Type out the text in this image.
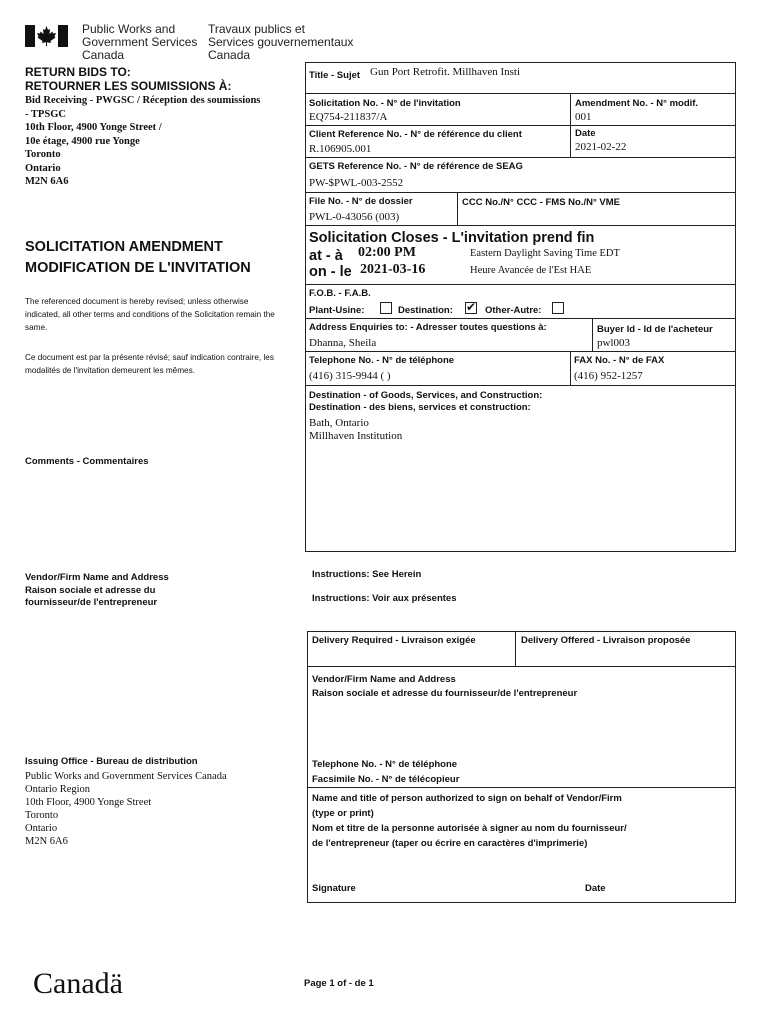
Public Works and
Government Services
Canada
Travaux publics et
Services gouvernementaux
Canada
RETURN BIDS TO:
RETOURNER LES SOUMISSIONS À:
Bid Receiving - PWGSC / Réception des soumissions
- TPSGC
10th Floor, 4900 Yonge Street /
10e étage, 4900 rue Yonge
Toronto
Ontario
M2N 6A6
SOLICITATION AMENDMENT
MODIFICATION DE L'INVITATION
The referenced document is hereby revised; unless otherwise indicated, all other terms and conditions of the Solicitation remain the same.
Ce document est par la présente révisé; sauf indication contraire, les modalités de l'invitation demeurent les mêmes.
Comments - Commentaires
Vendor/Firm Name and Address
Raison sociale et adresse du
fournisseur/de l'entrepreneur
Issuing Office - Bureau de distribution
Public Works and Government Services Canada
Ontario Region
10th Floor, 4900 Yonge Street
Toronto
Ontario
M2N 6A6
Title - Sujet Gun Port Retrofit. Millhaven Insti
Solicitation No. - N° de l'invitation
EQ754-211837/A
Amendment No. - N° modif.
001
Client Reference No. - N° de référence du client
R.106905.001
Date
2021-02-22
GETS Reference No. - N° de référence de SEAG
PW-$PWL-003-2552
File No. - N° de dossier
PWL-0-43056 (003)
CCC No./N° CCC - FMS No./N° VME
Solicitation Closes - L'invitation prend fin
at - à 02:00 PM
on - le 2021-03-16
Eastern Daylight Saving Time EDT
Heure Avancée de l'Est HAE
F.O.B. - F.A.B.
Plant-Usine:	Destination: ✔ Other-Autre:
Address Enquiries to: - Adresser toutes questions à:
Dhanna, Sheila
Buyer Id - Id de l'acheteur
pwl003
Telephone No. - N° de téléphone
(416) 315-9944 ( )
FAX No. - N° de FAX
(416) 952-1257
Destination - of Goods, Services, and Construction:
Destination - des biens, services et construction:
Bath, Ontario
Millhaven Institution
Instructions: See Herein
Instructions: Voir aux présentes
Delivery Required - Livraison exigée	Delivery Offered - Livraison proposée
Vendor/Firm Name and Address
Raison sociale et adresse du fournisseur/de l'entrepreneur
Telephone No. - N° de téléphone
Facsimile No. - N° de télécopieur
Name and title of person authorized to sign on behalf of Vendor/Firm
(type or print)
Nom et titre de la personne autorisée à signer au nom du fournisseur/
de l'entrepreneur (taper ou écrire en caractères d'imprimerie)
Signature	Date
Canadä	Page 1 of - de 1
